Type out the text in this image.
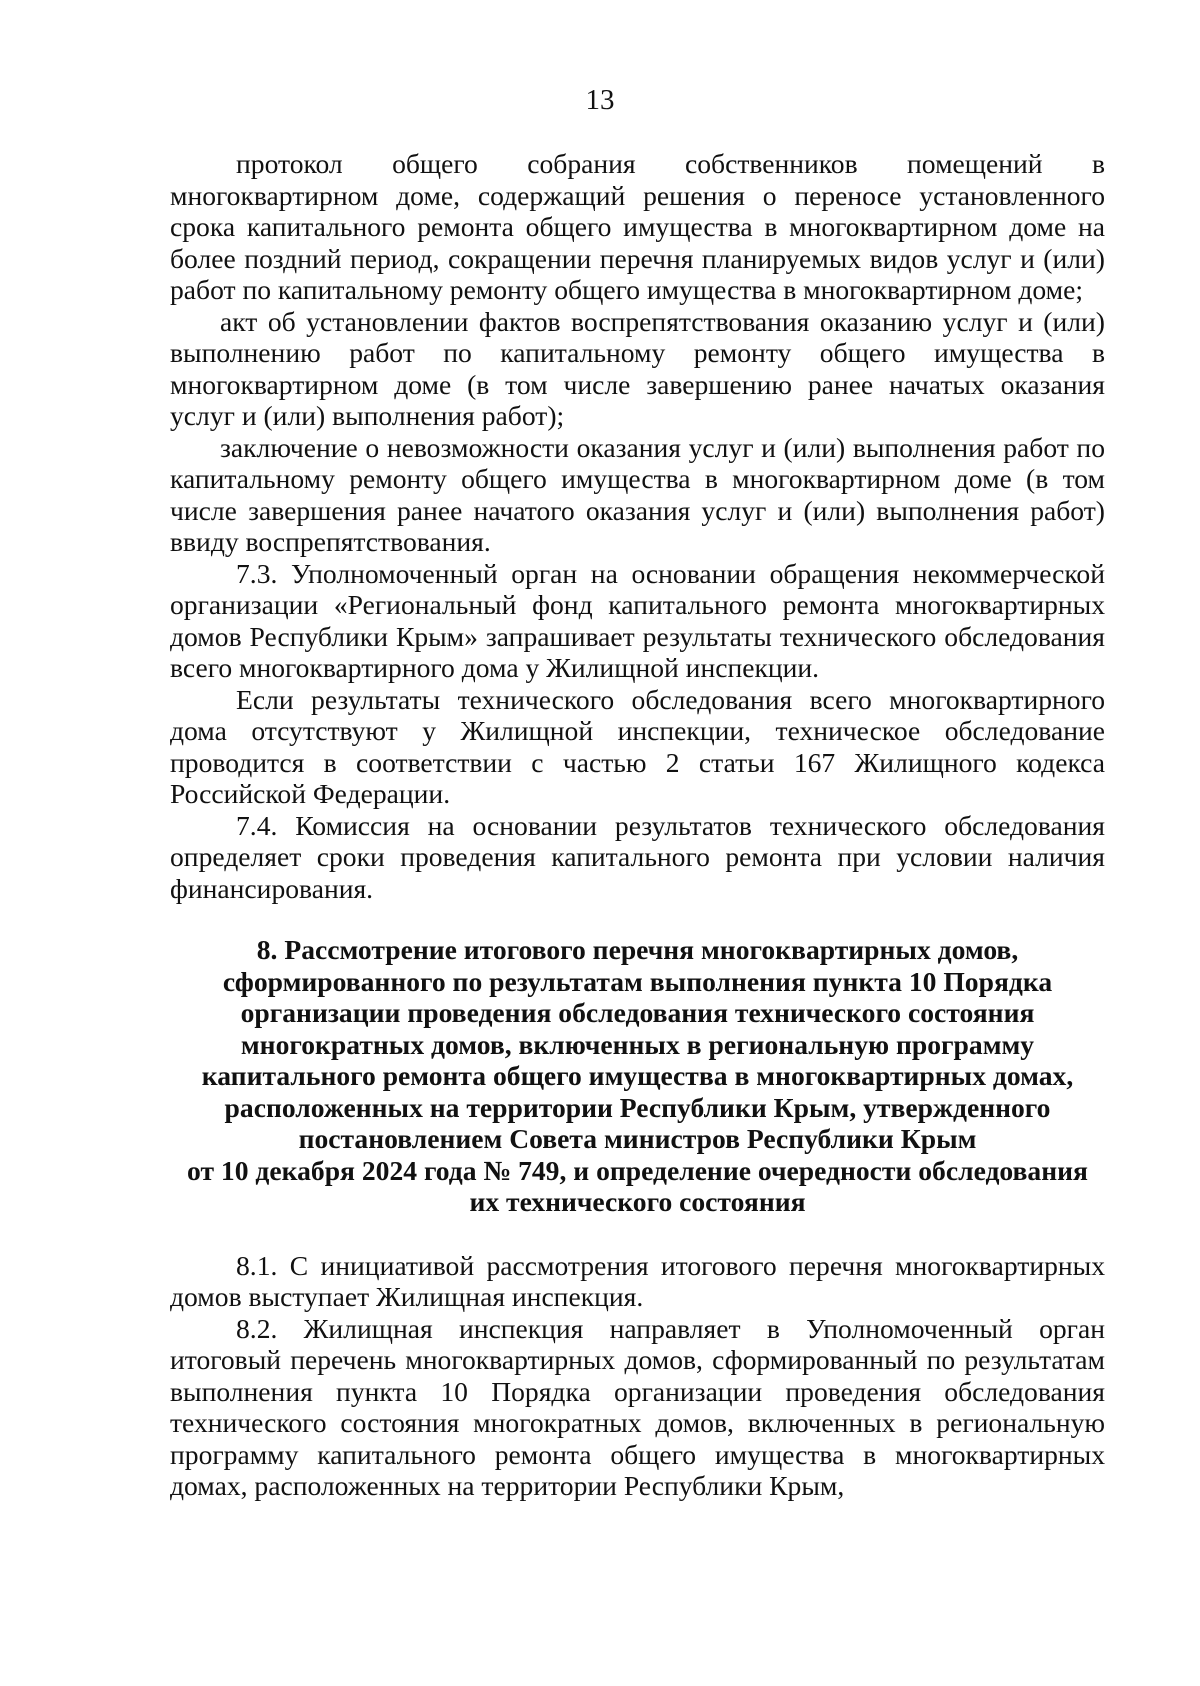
13

протокол общего собрания собственников помещений в многоквартирном доме, содержащий решения о переносе установленного срока капитального ремонта общего имущества в многоквартирном доме на более поздний период, сокращении перечня планируемых видов услуг и (или) работ по капитальному ремонту общего имущества в многоквартирном доме;

акт об установлении фактов воспрепятствования оказанию услуг и (или) выполнению работ по капитальному ремонту общего имущества в многоквартирном доме (в том числе завершению ранее начатых оказания услуг и (или) выполнения работ);

заключение о невозможности оказания услуг и (или) выполнения работ по капитальному ремонту общего имущества в многоквартирном доме (в том числе завершения ранее начатого оказания услуг и (или) выполнения работ) ввиду воспрепятствования.

7.3. Уполномоченный орган на основании обращения некоммерческой организации «Региональный фонд капитального ремонта многоквартирных домов Республики Крым» запрашивает результаты технического обследования всего многоквартирного дома у Жилищной инспекции.

Если результаты технического обследования всего многоквартирного дома отсутствуют у Жилищной инспекции, техническое обследование проводится в соответствии с частью 2 статьи 167 Жилищного кодекса Российской Федерации.

7.4. Комиссия на основании результатов технического обследования определяет сроки проведения капитального ремонта при условии наличия финансирования.

8. Рассмотрение итогового перечня многоквартирных домов,
сформированного по результатам выполнения пункта 10 Порядка
организации проведения обследования технического состояния
многократных домов, включенных в региональную программу
капитального ремонта общего имущества в многоквартирных домах,
расположенных на территории Республики Крым, утвержденного
постановлением Совета министров Республики Крым
от 10 декабря 2024 года № 749, и определение очередности обследования
их технического состояния

8.1. С инициативой рассмотрения итогового перечня многоквартирных домов выступает Жилищная инспекция.

8.2. Жилищная инспекция направляет в Уполномоченный орган итоговый перечень многоквартирных домов, сформированный по результатам выполнения пункта 10 Порядка организации проведения обследования технического состояния многократных домов, включенных в региональную программу капитального ремонта общего имущества в многоквартирных домах, расположенных на территории Республики Крым,
